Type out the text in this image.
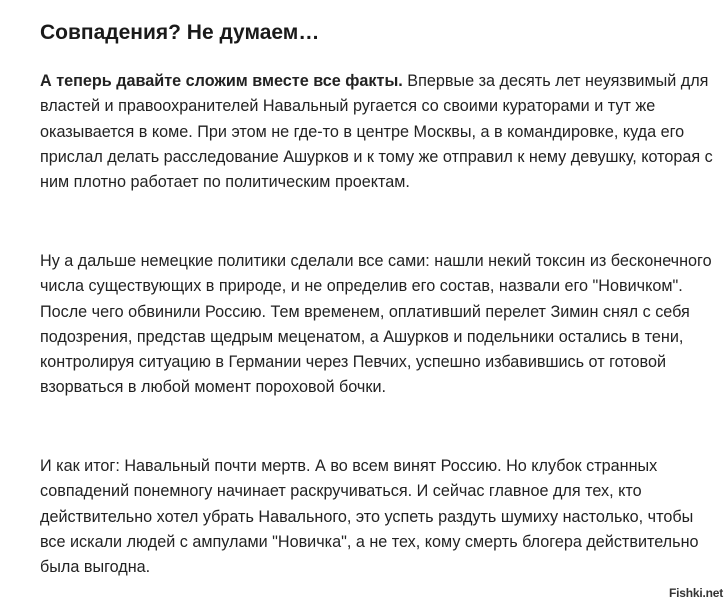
Совпадения? Не думаем…

А теперь давайте сложим вместе все факты. Впервые за десять лет неуязвимый для властей и правоохранителей Навальный ругается со своими кураторами и тут же оказывается в коме. При этом не где-то в центре Москвы, а в командировке, куда его прислал делать расследование Ашурков и к тому же отправил к нему девушку, которая с ним плотно работает по политическим проектам.

Ну а дальше немецкие политики сделали все сами: нашли некий токсин из бесконечного числа существующих в природе, и не определив его состав, назвали его "Новичком". После чего обвинили Россию. Тем временем, оплативший перелет Зимин снял с себя подозрения, представ щедрым меценатом, а Ашурков и подельники остались в тени, контролируя ситуацию в Германии через Певчих, успешно избавившись от готовой взорваться в любой момент пороховой бочки.

И как итог: Навальный почти мертв. А во всем винят Россию. Но клубок странных совпадений понемногу начинает раскручиваться. И сейчас главное для тех, кто действительно хотел убрать Навального, это успеть раздуть шумиху настолько, чтобы все искали людей с ампулами "Новичка", а не тех, кому смерть блогера действительно была выгодна.

Fishki.net
